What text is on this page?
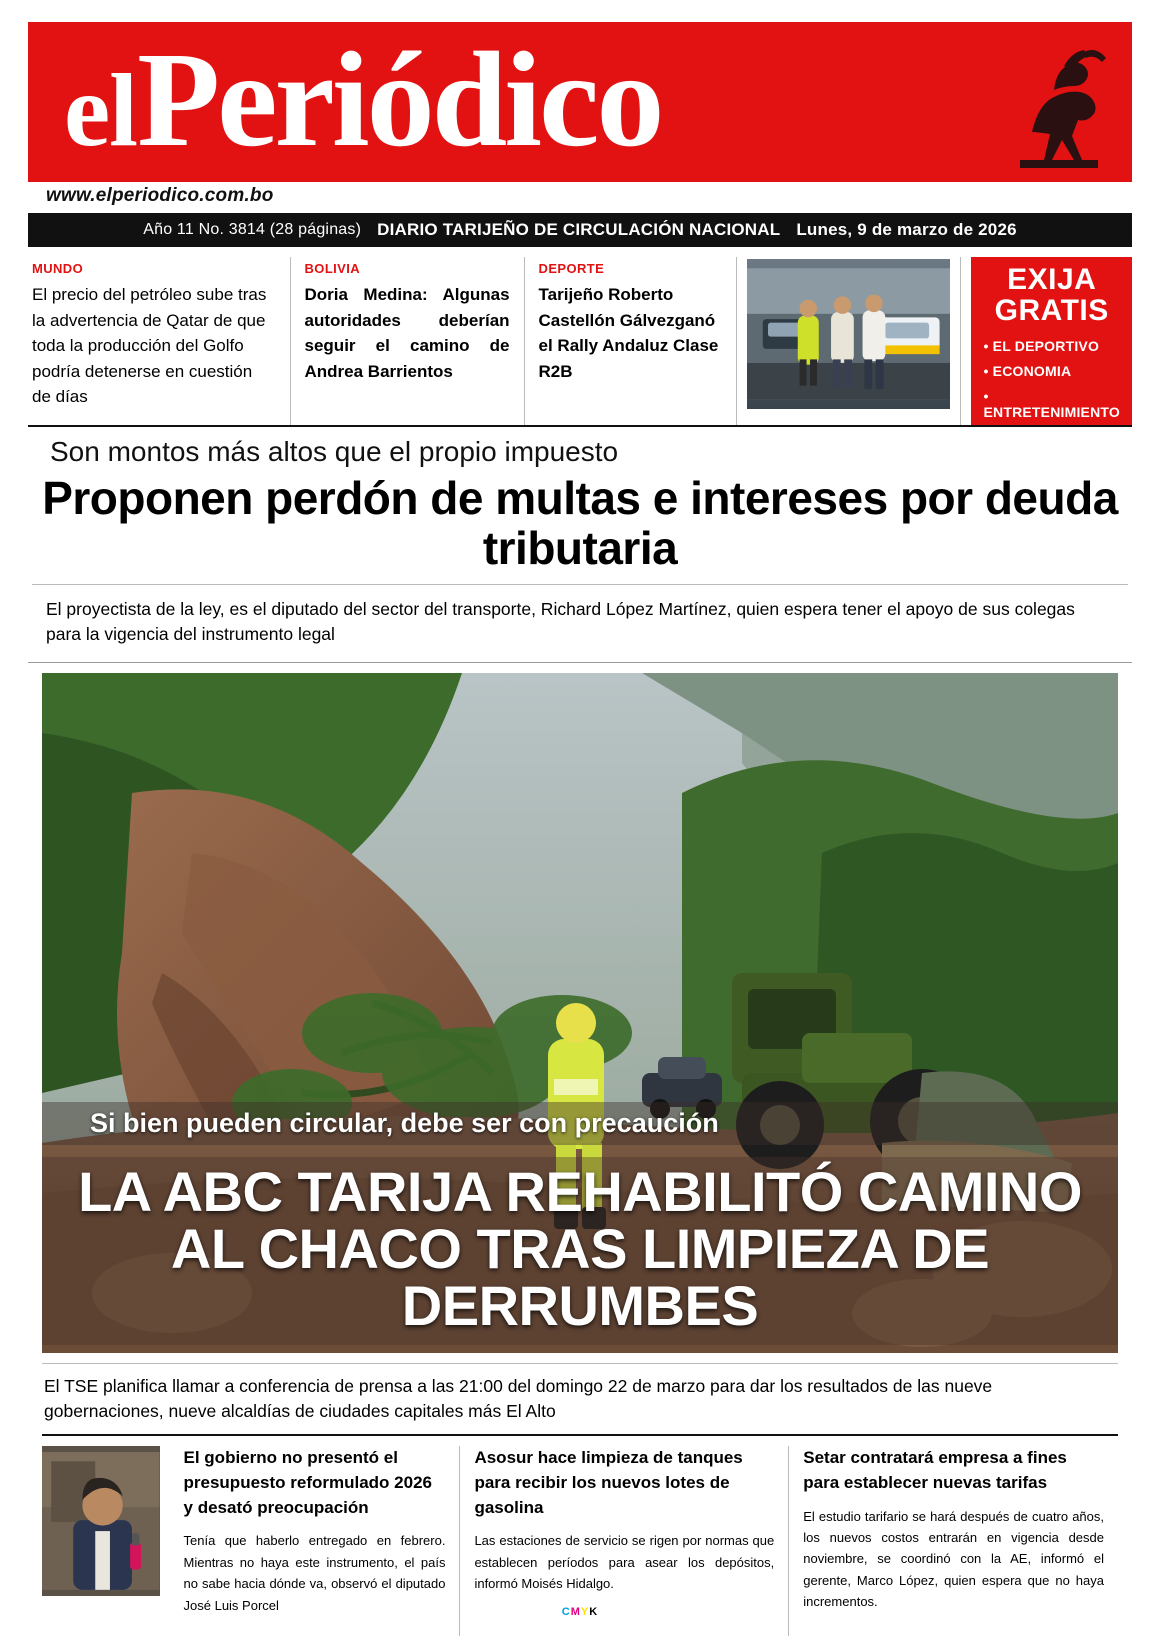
elPeriódico
www.elperiodico.com.bo
Año 11 No. 3814 (28 páginas) DIARIO TARIJEÑO DE CIRCULACIÓN NACIONAL Lunes, 9 de marzo de 2026
MUNDO
El precio del petróleo sube tras la advertencia de Qatar de que toda la producción del Golfo podría detenerse en cuestión de días
BOLIVIA
Doria Medina: Algunas autoridades deberían seguir el camino de Andrea Barrientos
DEPORTE
Tarijeño Roberto Castellón Gálvezganó el Rally Andaluz Clase R2B
EXIJA
GRATIS
• EL DEPORTIVO
• ECONOMIA
• ENTRETENIMIENTO
Son montos más altos que el propio impuesto
Proponen perdón de multas e intereses por deuda tributaria
El proyectista de la ley, es el diputado del sector del transporte, Richard López Martínez, quien espera tener el apoyo de sus colegas para la vigencia del instrumento legal
Si bien pueden circular, debe ser con precaución
LA ABC TARIJA REHABILITÓ CAMINO AL CHACO TRAS LIMPIEZA DE DERRUMBES
El TSE planifica llamar a conferencia de prensa a las 21:00 del domingo 22 de marzo para dar los resultados de las nueve gobernaciones, nueve alcaldías de ciudades capitales más El Alto
El gobierno no presentó el presupuesto reformulado 2026 y desató preocupación
Tenía que haberlo entregado en febrero. Mientras no haya este instrumento, el país no sabe hacia dónde va, observó el diputado José Luis Porcel
Asosur hace limpieza de tanques para recibir los nuevos lotes de gasolina
Las estaciones de servicio se rigen por normas que establecen períodos para asear los depósitos, informó Moisés Hidalgo.
Setar contratará empresa a fines para establecer nuevas tarifas
El estudio tarifario se hará después de cuatro años, los nuevos costos entrarán en vigencia desde noviembre, se coordinó con la AE, informó el gerente, Marco López, quien espera que no haya incrementos.
CMYK
